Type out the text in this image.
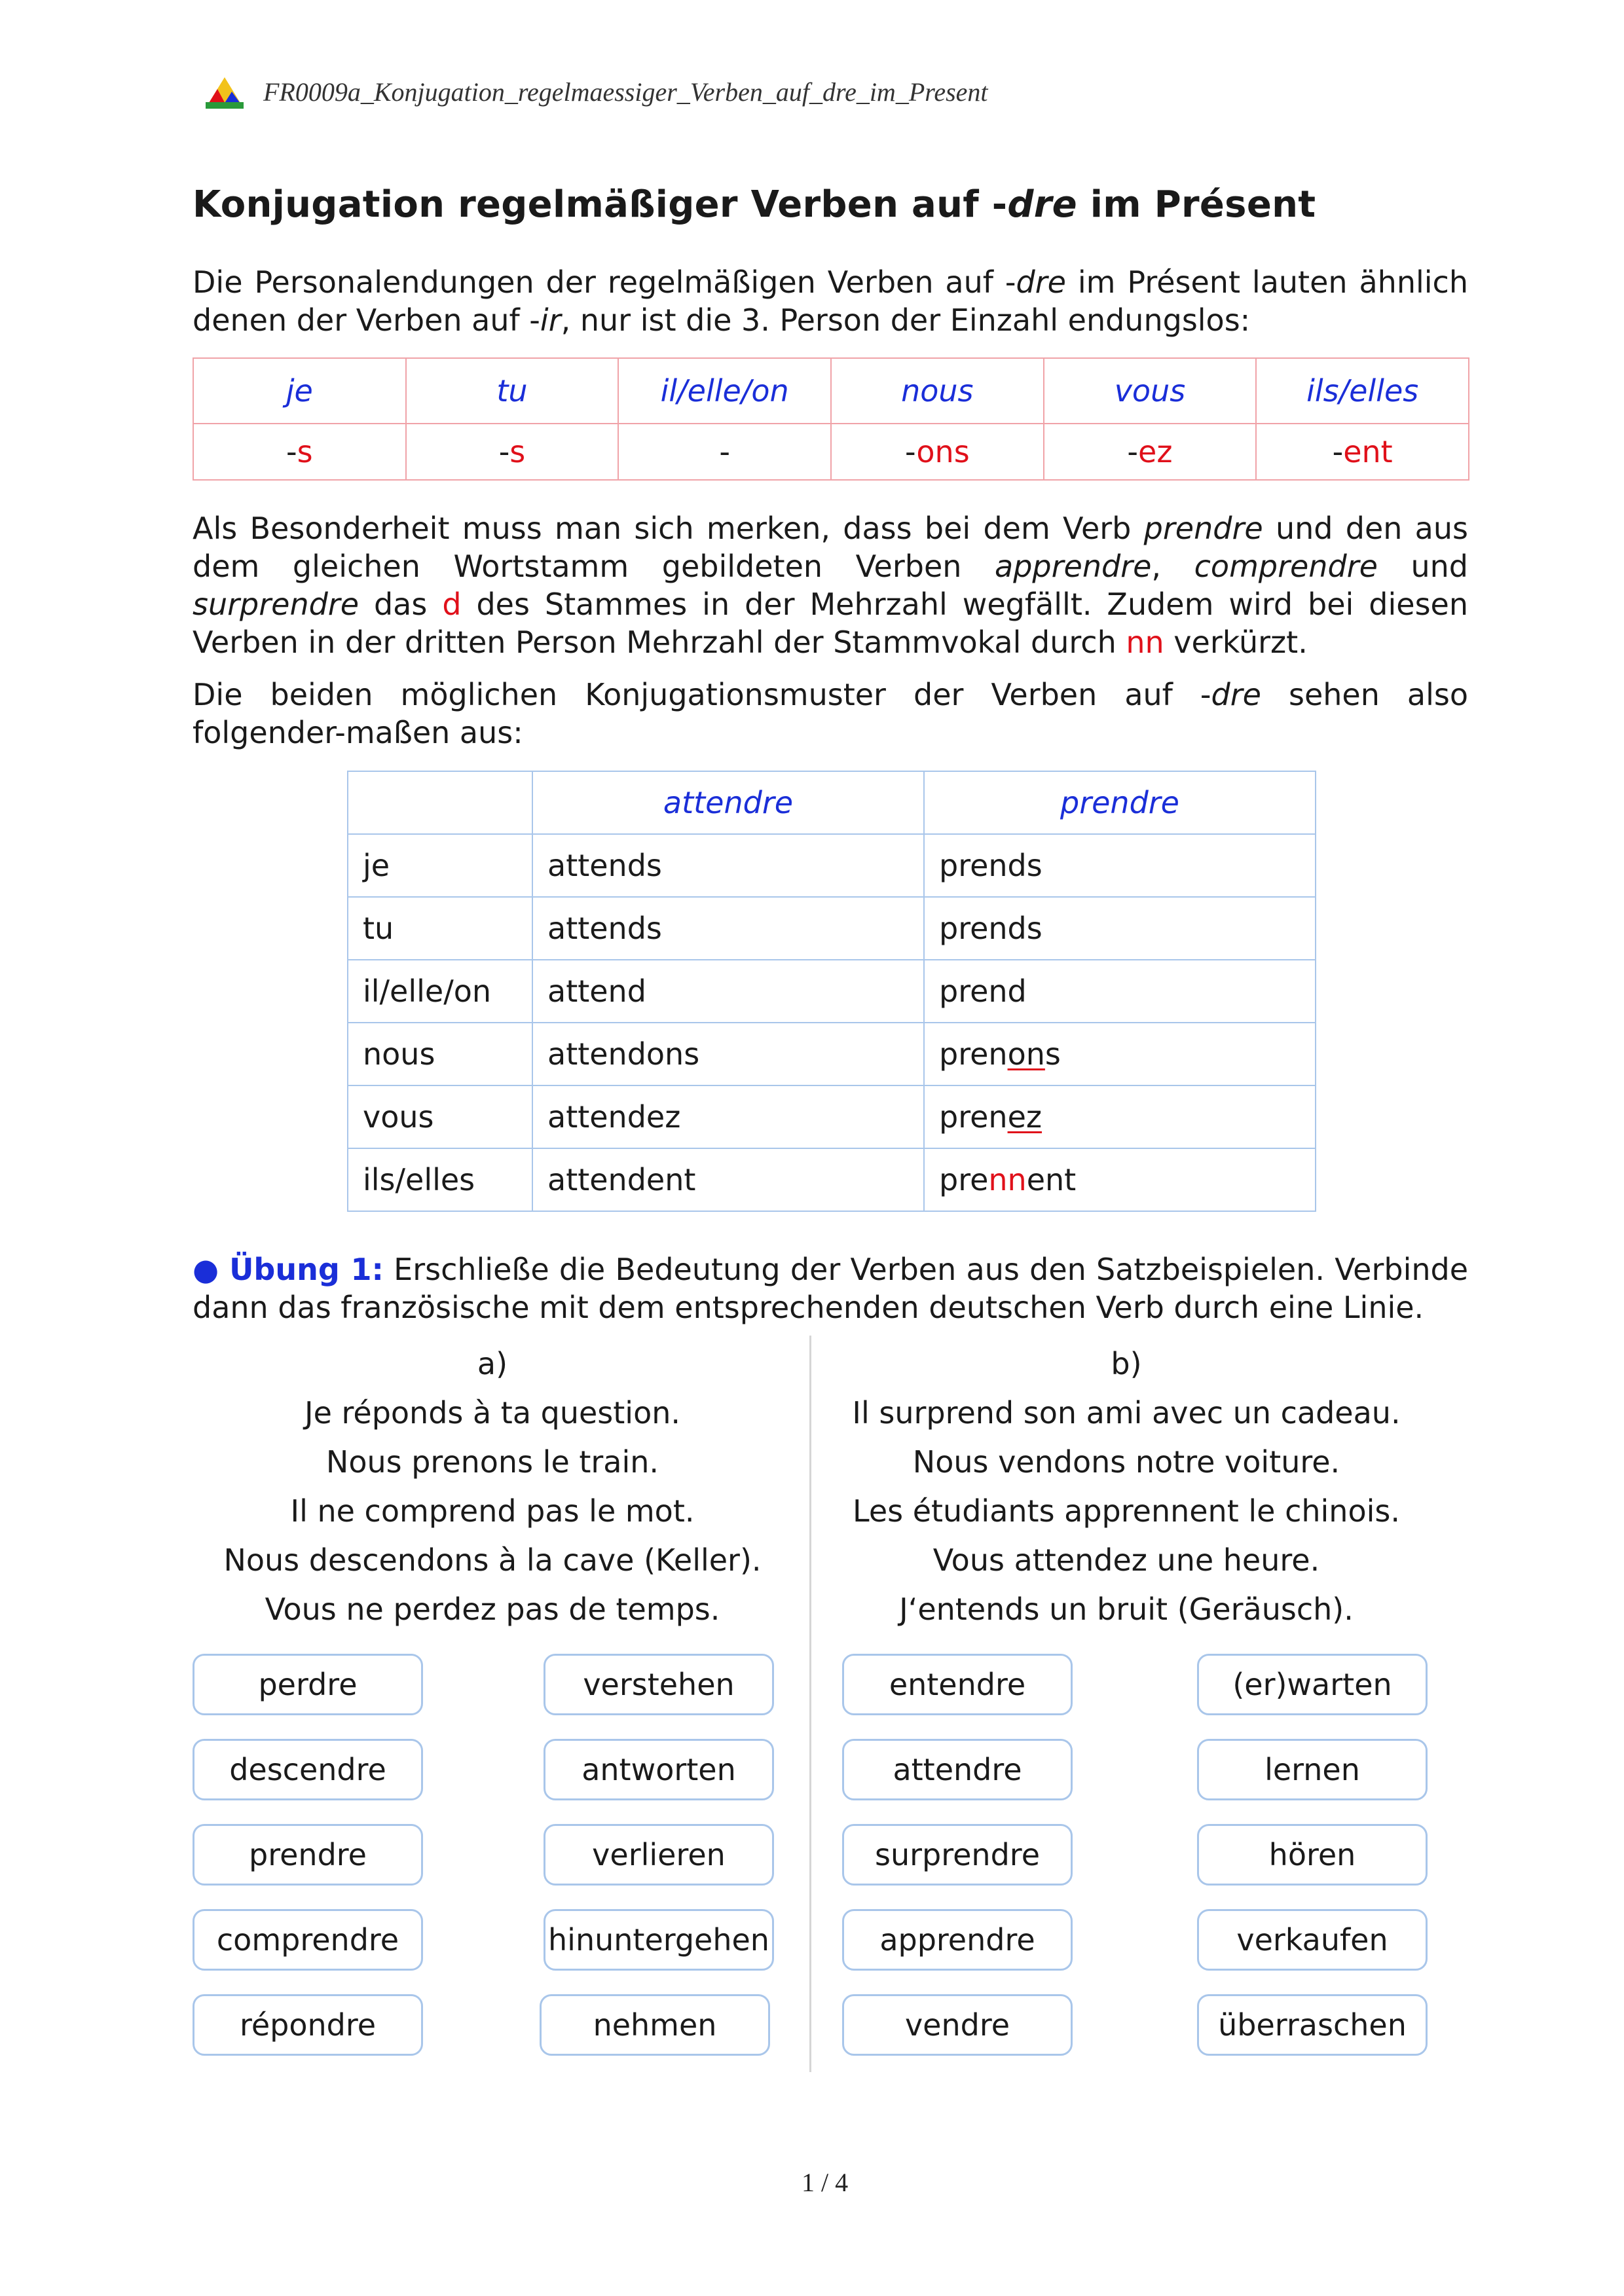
FR0009a_Konjugation_regelmaessiger_Verben_auf_dre_im_Present
Konjugation regelmäßiger Verben auf -dre im Présent

Die Personalendungen der regelmäßigen Verben auf -dre im Présent lauten ähnlich denen der Verben auf -ir, nur ist die 3. Person der Einzahl endungslos:

je	tu	il/elle/on	nous	vous	ils/elles
-s	-s	-	-ons	-ez	-ent

Als Besonderheit muss man sich merken, dass bei dem Verb prendre und den aus dem gleichen Wortstamm gebildeten Verben apprendre, comprendre und surprendre das d des Stammes in der Mehrzahl wegfällt. Zudem wird bei diesen Verben in der dritten Person Mehrzahl der Stammvokal durch nn verkürzt.

Die beiden möglichen Konjugationsmuster der Verben auf -dre sehen also folgender-maßen aus:

	attendre	prendre
je	attends	prends
tu	attends	prends
il/elle/on	attend	prend
nous	attendons	prenons
vous	attendez	prenez
ils/elles	attendent	prennent

● Übung 1: Erschließe die Bedeutung der Verben aus den Satzbeispielen. Verbinde dann das französische mit dem entsprechenden deutschen Verb durch eine Linie.

a)
Je réponds à ta question.
Nous prenons le train.
Il ne comprend pas le mot.
Nous descendons à la cave (Keller).
Vous ne perdez pas de temps.
b)
Il surprend son ami avec un cadeau.
Nous vendons notre voiture.
Les étudiants apprennent le chinois.
Vous attendez une heure.
J‘entends un bruit (Geräusch).
perdre
descendre
prendre
comprendre
répondre
verstehen
antworten
verlieren
hinuntergehen
nehmen
entendre
attendre
surprendre
apprendre
vendre
(er)warten
lernen
hören
verkaufen
überraschen
1 / 4
